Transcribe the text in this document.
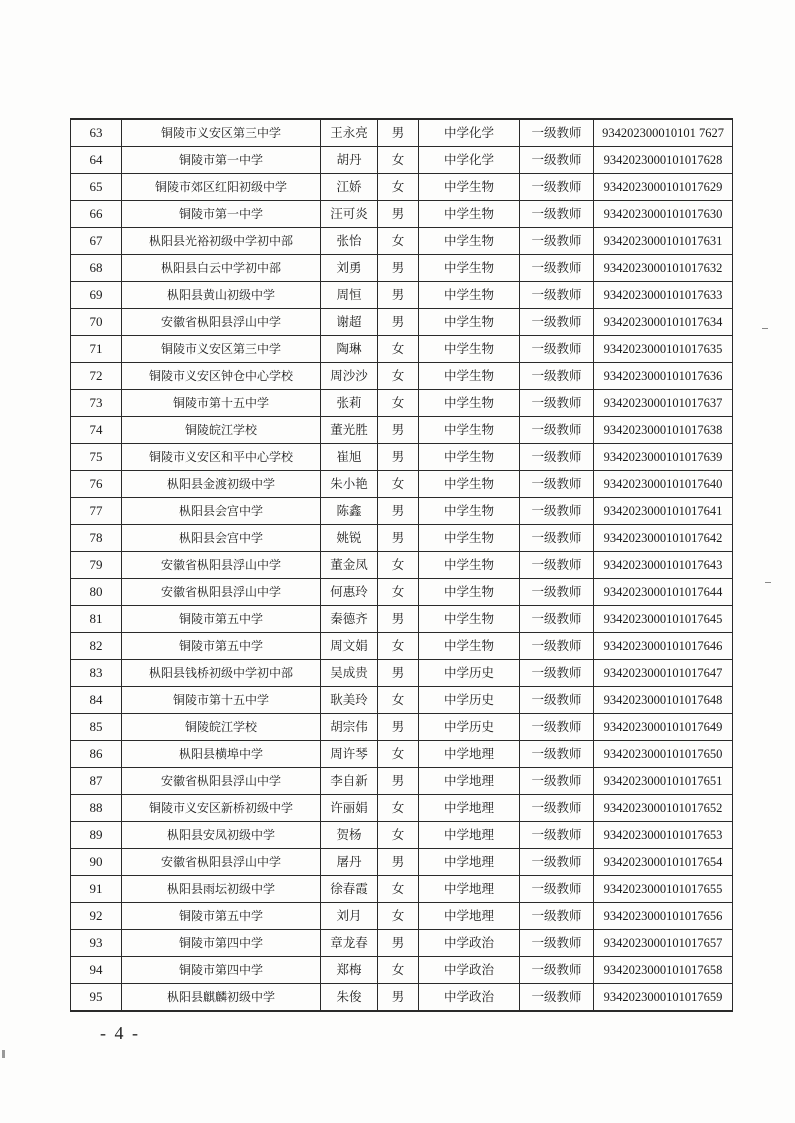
63	铜陵市义安区第三中学	王永亮	男	中学化学	一级教师	934202300010101 7627
64	铜陵市第一中学	胡丹	女	中学化学	一级教师	9342023000101017628
65	铜陵市郊区红阳初级中学	江娇	女	中学生物	一级教师	9342023000101017629
66	铜陵市第一中学	汪可炎	男	中学生物	一级教师	9342023000101017630
67	枞阳县光裕初级中学初中部	张怡	女	中学生物	一级教师	9342023000101017631
68	枞阳县白云中学初中部	刘勇	男	中学生物	一级教师	9342023000101017632
69	枞阳县黄山初级中学	周恒	男	中学生物	一级教师	9342023000101017633
70	安徽省枞阳县浮山中学	谢超	男	中学生物	一级教师	9342023000101017634
71	铜陵市义安区第三中学	陶琳	女	中学生物	一级教师	9342023000101017635
72	铜陵市义安区钟仓中心学校	周沙沙	女	中学生物	一级教师	9342023000101017636
73	铜陵市第十五中学	张莉	女	中学生物	一级教师	9342023000101017637
74	铜陵皖江学校	董光胜	男	中学生物	一级教师	9342023000101017638
75	铜陵市义安区和平中心学校	崔旭	男	中学生物	一级教师	9342023000101017639
76	枞阳县金渡初级中学	朱小艳	女	中学生物	一级教师	9342023000101017640
77	枞阳县会宫中学	陈鑫	男	中学生物	一级教师	9342023000101017641
78	枞阳县会宫中学	姚锐	男	中学生物	一级教师	9342023000101017642
79	安徽省枞阳县浮山中学	董金凤	女	中学生物	一级教师	9342023000101017643
80	安徽省枞阳县浮山中学	何惠玲	女	中学生物	一级教师	9342023000101017644
81	铜陵市第五中学	秦德齐	男	中学生物	一级教师	9342023000101017645
82	铜陵市第五中学	周文娟	女	中学生物	一级教师	9342023000101017646
83	枞阳县钱桥初级中学初中部	吴成贵	男	中学历史	一级教师	9342023000101017647
84	铜陵市第十五中学	耿美玲	女	中学历史	一级教师	9342023000101017648
85	铜陵皖江学校	胡宗伟	男	中学历史	一级教师	9342023000101017649
86	枞阳县横埠中学	周许琴	女	中学地理	一级教师	9342023000101017650
87	安徽省枞阳县浮山中学	李自新	男	中学地理	一级教师	9342023000101017651
88	铜陵市义安区新桥初级中学	许丽娟	女	中学地理	一级教师	9342023000101017652
89	枞阳县安凤初级中学	贺杨	女	中学地理	一级教师	9342023000101017653
90	安徽省枞阳县浮山中学	屠丹	男	中学地理	一级教师	9342023000101017654
91	枞阳县雨坛初级中学	徐春霞	女	中学地理	一级教师	9342023000101017655
92	铜陵市第五中学	刘月	女	中学地理	一级教师	9342023000101017656
93	铜陵市第四中学	章龙春	男	中学政治	一级教师	9342023000101017657
94	铜陵市第四中学	郑梅	女	中学政治	一级教师	9342023000101017658
95	枞阳县麒麟初级中学	朱俊	男	中学政治	一级教师	9342023000101017659
- 4 -
